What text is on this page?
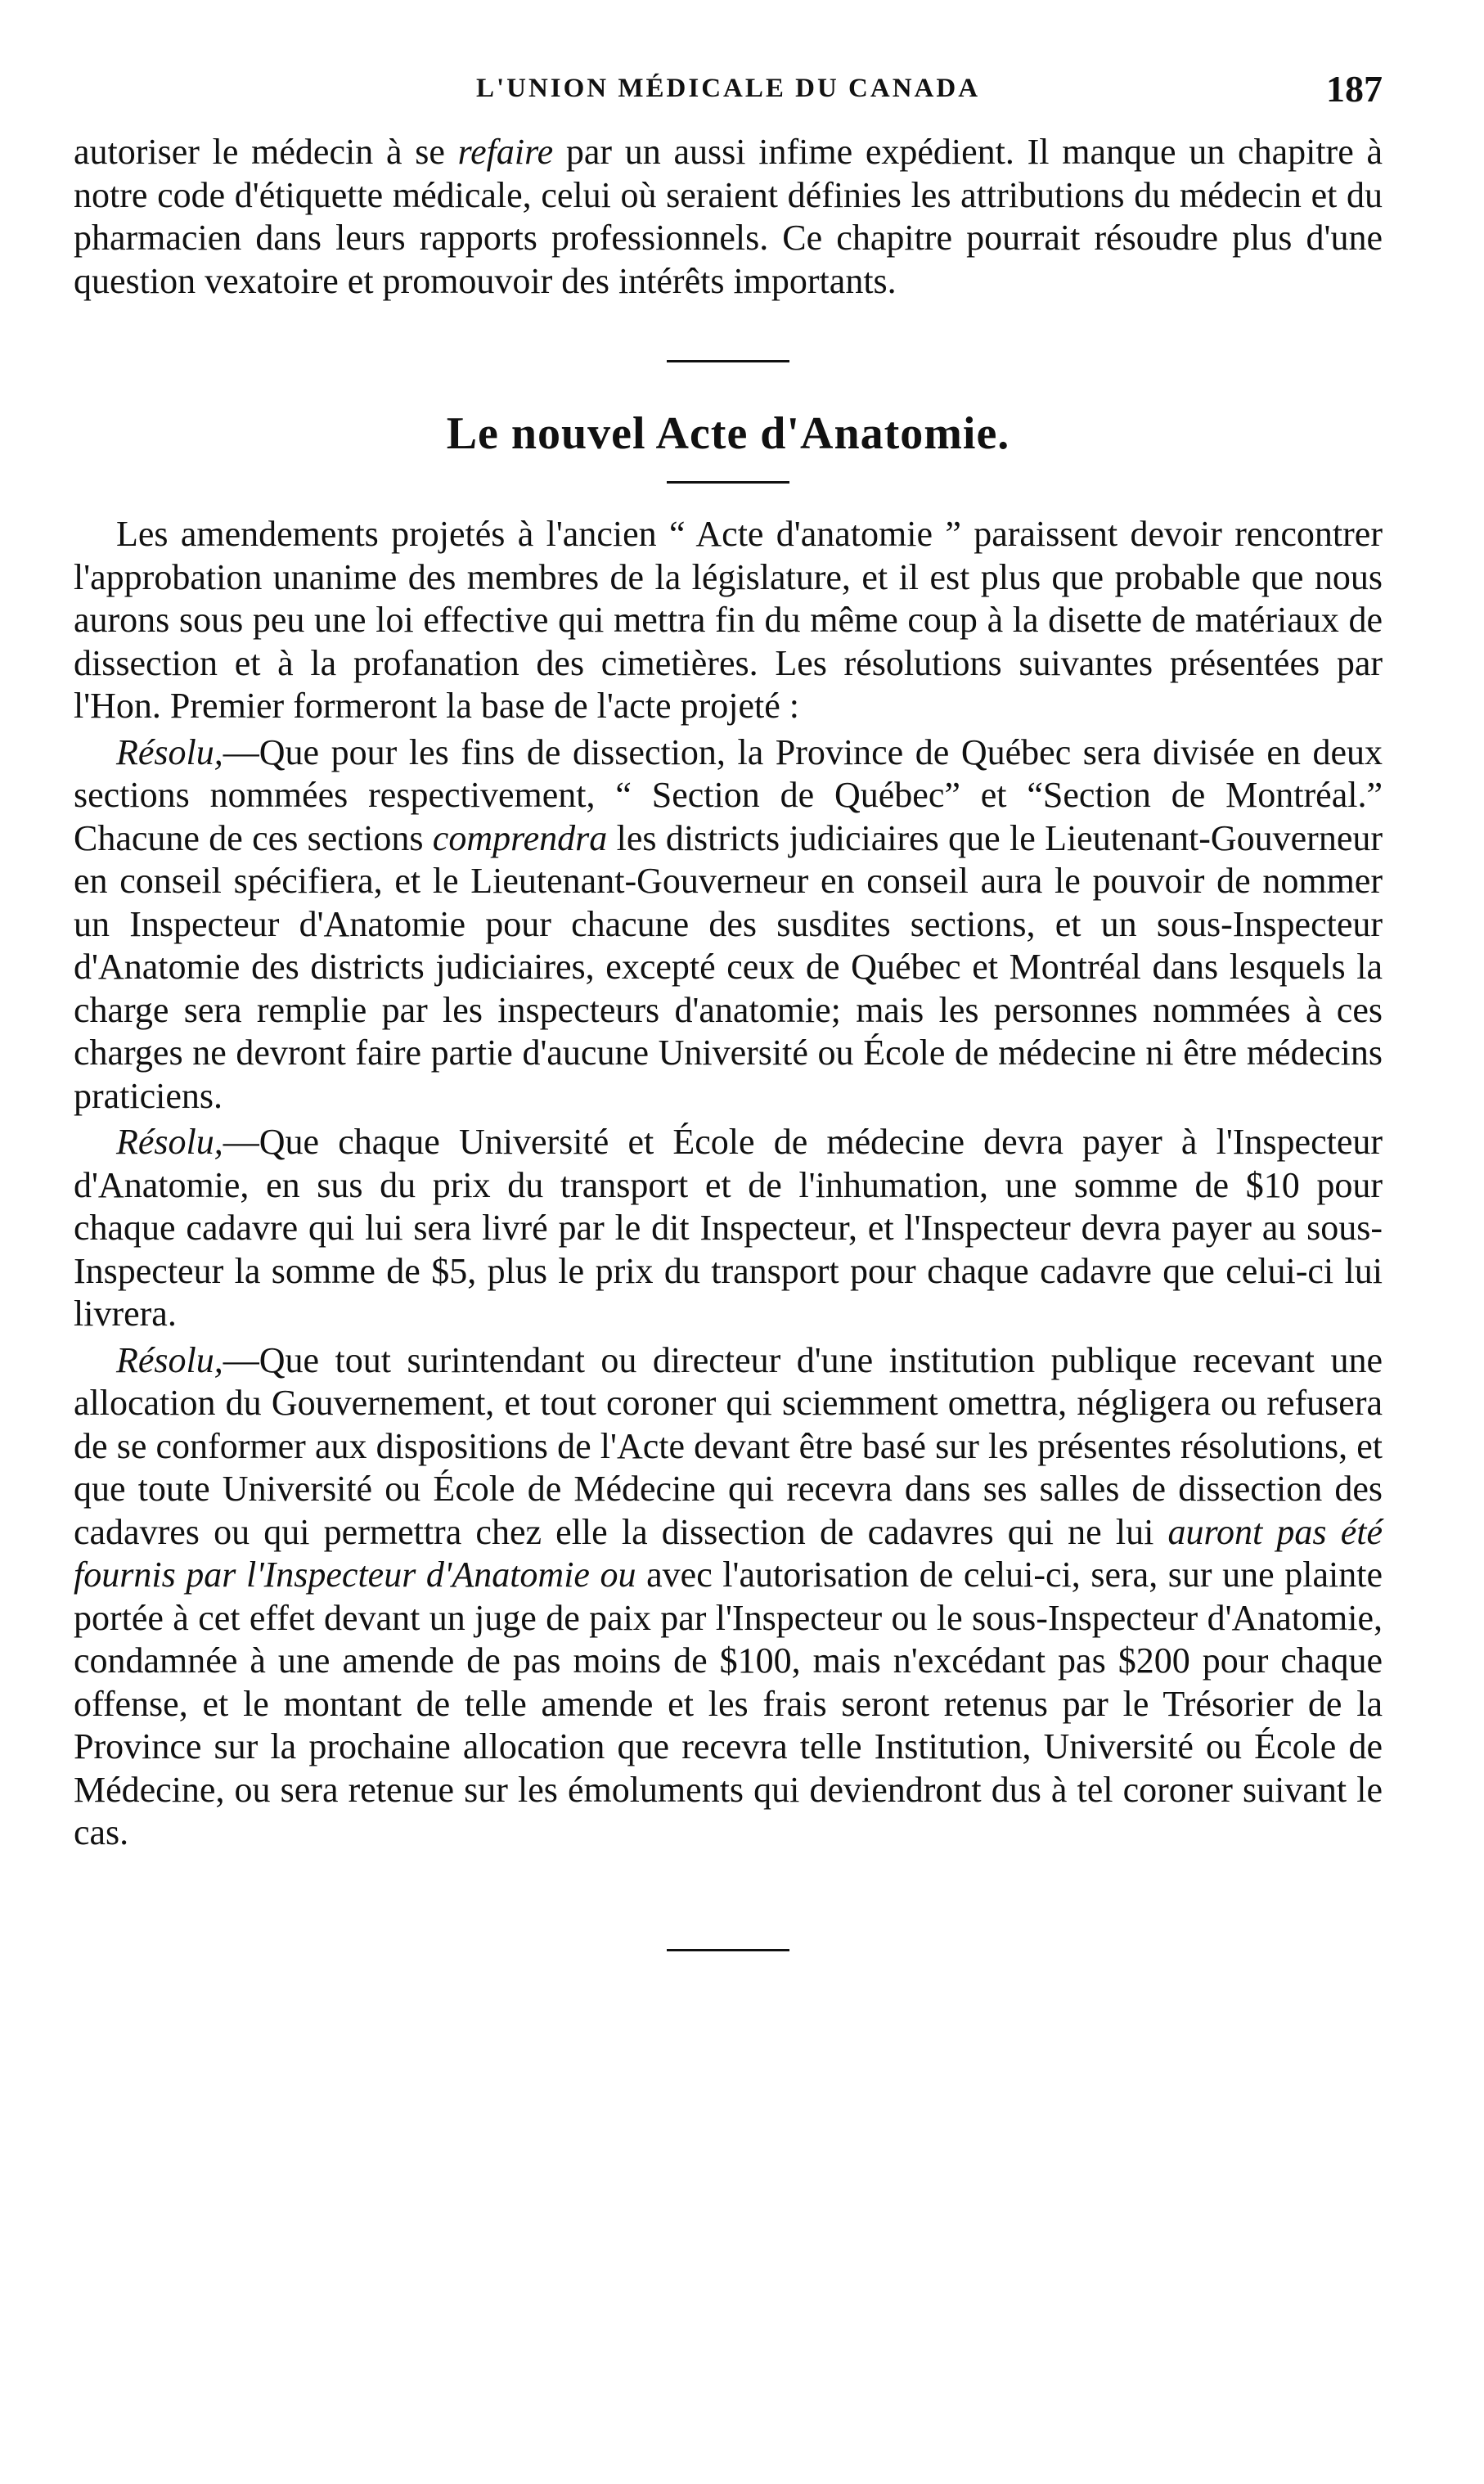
L'UNION MÉDICALE DU CANADA	187

autoriser le médecin à se refaire par un aussi infime expédient. Il manque un chapitre à notre code d'étiquette médicale, celui où seraient définies les attributions du médecin et du pharmacien dans leurs rapports professionnels. Ce chapitre pourrait résoudre plus d'une question vexatoire et promouvoir des intérêts importants.

Le nouvel Acte d'Anatomie.

Les amendements projetés à l'ancien “ Acte d'anatomie ” paraissent devoir rencontrer l'approbation unanime des membres de la législature, et il est plus que probable que nous aurons sous peu une loi effective qui mettra fin du même coup à la disette de matériaux de dissection et à la profanation des cimetières. Les résolutions suivantes présentées par l'Hon. Premier formeront la base de l'acte projeté :

Résolu,—Que pour les fins de dissection, la Province de Québec sera divisée en deux sections nommées respectivement, “ Section de Québec” et “Section de Montréal.” Chacune de ces sections comprendra les districts judiciaires que le Lieutenant-Gouverneur en conseil spécifiera, et le Lieutenant-Gouverneur en conseil aura le pouvoir de nommer un Inspecteur d'Anatomie pour chacune des susdites sections, et un sous-Inspecteur d'Anatomie des districts judiciaires, excepté ceux de Québec et Montréal dans lesquels la charge sera remplie par les inspecteurs d'anatomie; mais les personnes nommées à ces charges ne devront faire partie d'aucune Université ou École de médecine ni être médecins praticiens.

Résolu,—Que chaque Université et École de médecine devra payer à l'Inspecteur d'Anatomie, en sus du prix du transport et de l'inhumation, une somme de $10 pour chaque cadavre qui lui sera livré par le dit Inspecteur, et l'Inspecteur devra payer au sous-Inspecteur la somme de $5, plus le prix du transport pour chaque cadavre que celui-ci lui livrera.

Résolu,—Que tout surintendant ou directeur d'une institution publique recevant une allocation du Gouvernement, et tout coroner qui sciemment omettra, négligera ou refusera de se conformer aux dispositions de l'Acte devant être basé sur les présentes résolutions, et que toute Université ou École de Médecine qui recevra dans ses salles de dissection des cadavres ou qui permettra chez elle la dissection de cadavres qui ne lui auront pas été fournis par l'Inspecteur d'Anatomie ou avec l'autorisation de celui-ci, sera, sur une plainte portée à cet effet devant un juge de paix par l'Inspecteur ou le sous-Inspecteur d'Anatomie, condamnée à une amende de pas moins de $100, mais n'excédant pas $200 pour chaque offense, et le montant de telle amende et les frais seront retenus par le Trésorier de la Province sur la prochaine allocation que recevra telle Institution, Université ou École de Médecine, ou sera retenue sur les émoluments qui deviendront dus à tel coroner suivant le cas.
